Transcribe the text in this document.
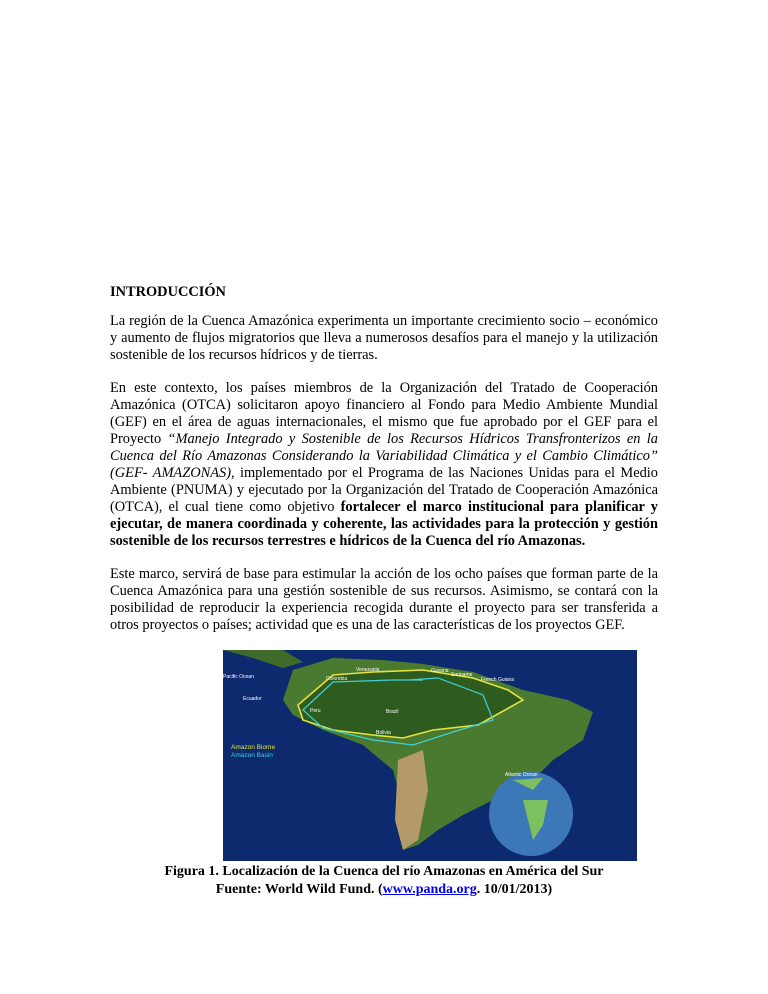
INTRODUCCIÓN

La región de la Cuenca Amazónica experimenta un importante crecimiento socio – económico y aumento de flujos migratorios que lleva a numerosos desafíos para el manejo y la utilización sostenible de los recursos hídricos y de tierras.

En este contexto, los países miembros de la Organización del Tratado de Cooperación Amazónica (OTCA) solicitaron apoyo financiero al Fondo para Medio Ambiente Mundial (GEF) en el área de aguas internacionales, el mismo que fue aprobado por el GEF para el Proyecto “Manejo Integrado y Sostenible de los Recursos Hídricos Transfronterizos en la Cuenca del Río Amazonas Considerando la Variabilidad Climática y el Cambio Climático” (GEF- AMAZONAS), implementado por el Programa de las Naciones Unidas para el Medio Ambiente (PNUMA) y ejecutado por la Organización del Tratado de Cooperación Amazónica (OTCA), el cual tiene como objetivo fortalecer el marco institucional para planificar y ejecutar, de manera coordinada y coherente, las actividades para la protección y gestión sostenible de los recursos terrestres e hídricos de la Cuenca del río Amazonas.

Este marco, servirá de base para estimular la acción de los ocho países que forman parte de la Cuenca Amazónica para una gestión sostenible de sus recursos. Asimismo, se contará con la posibilidad de reproducir la experiencia recogida durante el proyecto para ser transferida a otros proyectos o países; actividad que es una de las características de los proyectos GEF.

Pacific Ocean
Atlantic Ocean
Venezuela
Colombia
Guyana
Suriname
French Guiana
Ecuador
Peru	Brazil
Bolivia
Amazon Biome
Amazon Basin
Figura 1. Localización de la Cuenca del río Amazonas en América del Sur
Fuente: World Wild Fund. (www.panda.org. 10/01/2013)
